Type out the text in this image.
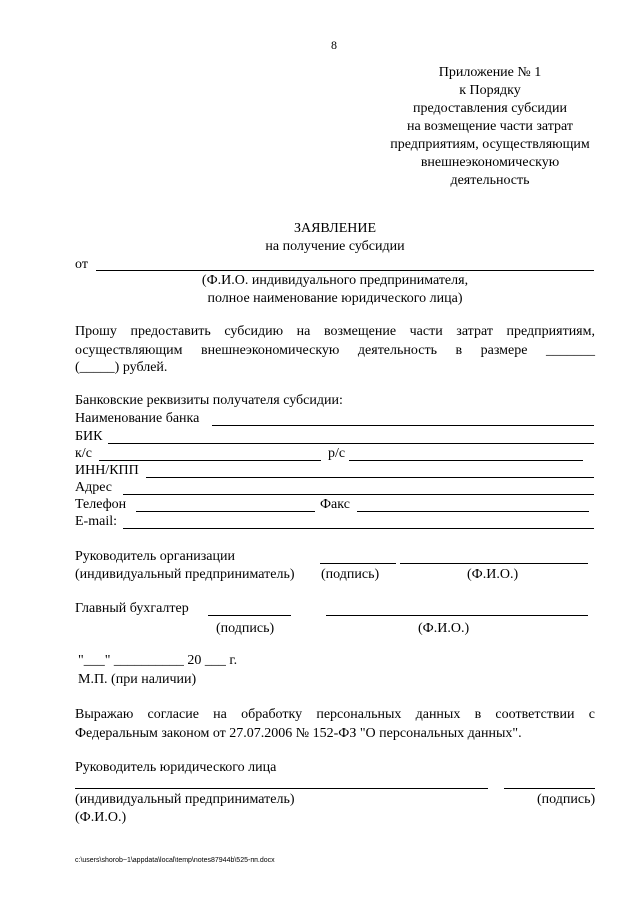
8
Приложение № 1
к Порядку
предоставления субсидии
на возмещение части затрат
предприятиям, осуществляющим
внешнеэкономическую
деятельность
ЗАЯВЛЕНИЕ
на получение субсидии
от
(Ф.И.О. индивидуального предпринимателя,
полное наименование юридического лица)
Прошу предоставить субсидию на возмещение части затрат предприятиям, осуществляющим внешнеэкономическую деятельность в размере _______
(_____) рублей.
Банковские реквизиты получателя субсидии:
Наименование банка
БИК
к/с	р/с
ИНН/КПП
Адрес
Телефон	Факс
E-mail:
Руководитель организации
(индивидуальный предприниматель) (подпись)	(Ф.И.О.)
Главный бухгалтер
(подпись)	(Ф.И.О.)
"___" __________ 20 ___ г.
М.П. (при наличии)
Выражаю согласие на обработку персональных данных в соответствии с Федеральным законом от 27.07.2006 № 152-ФЗ "О персональных данных".
Руководитель юридического лица
(индивидуальный предприниматель)	(подпись)
(Ф.И.О.)
c:\users\shorob~1\appdata\local\temp\notes87944b\525-пп.docx
